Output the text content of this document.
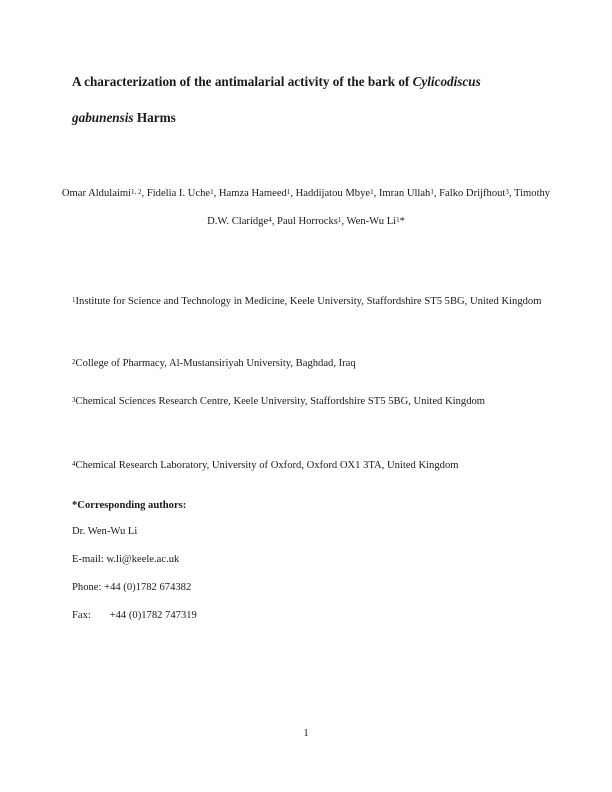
A characterization of the antimalarial activity of the bark of Cylicodiscus
gabunensis Harms

Omar Aldulaimi$^{1, 2}$, Fidelia I. Uche$^1$, Hamza Hameed$^1$, Haddijatou Mbye$^1$, Imran Ullah$^1$, Falko Drijfhout$^3$, Timothy D.W. Claridge$^4$, Paul Horrocks$^1$, Wen-Wu Li$^1$*

$^1$Institute for Science and Technology in Medicine, Keele University, Staffordshire ST5 5BG, United Kingdom

$^2$College of Pharmacy, Al-Mustansiriyah University, Baghdad, Iraq

$^3$Chemical Sciences Research Centre, Keele University, Staffordshire ST5 5BG, United Kingdom

$^4$Chemical Research Laboratory, University of Oxford, Oxford OX1 3TA, United Kingdom

*Corresponding authors:

Dr. Wen-Wu Li

E-mail: w.li@keele.ac.uk

Phone: +44 (0)1782 674382

Fax: +44 (0)1782 747319

1
